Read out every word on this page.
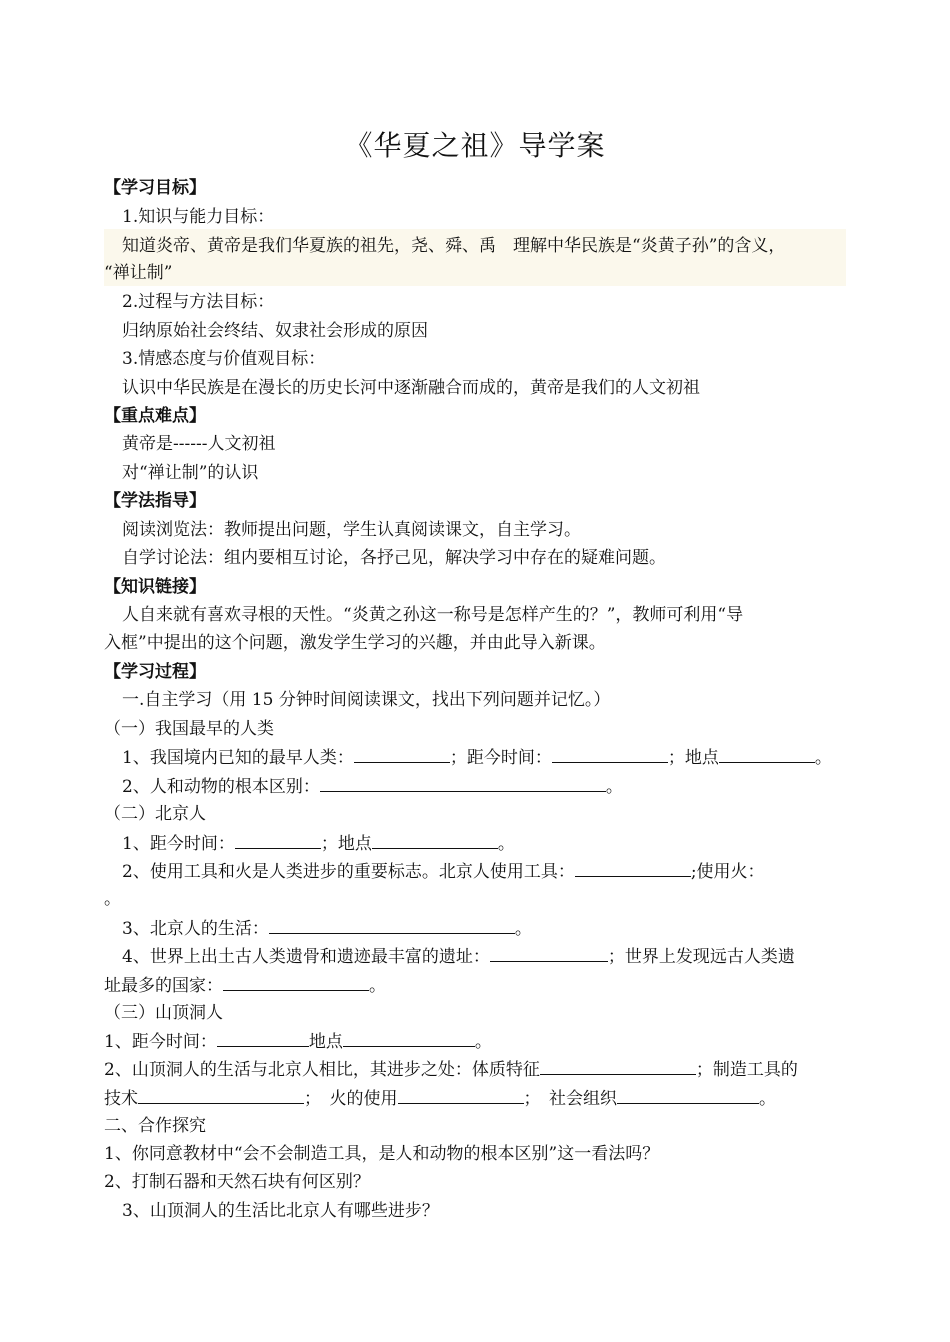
《华夏之祖》导学案
【学习目标】
1.知识与能力目标：
知道炎帝、黄帝是我们华夏族的祖先，尧、舜、禹　理解中华民族是“炎黄子孙”的含义，
“禅让制”
2.过程与方法目标：
归纳原始社会终结、奴隶社会形成的原因
3.情感态度与价值观目标：
认识中华民族是在漫长的历史长河中逐渐融合而成的，黄帝是我们的人文初祖
【重点难点】
黄帝是------人文初祖
对“禅让制”的认识
【学法指导】
阅读浏览法：教师提出问题，学生认真阅读课文，自主学习。
自学讨论法：组内要相互讨论，各抒己见，解决学习中存在的疑难问题。
【知识链接】
人自来就有喜欢寻根的天性。“炎黄之孙这一称号是怎样产生的？”，教师可利用“导
入框”中提出的这个问题，激发学生学习的兴趣，并由此导入新课。
【学习过程】
一.自主学习（用 15 分钟时间阅读课文，找出下列问题并记忆。）
（一）我国最早的人类
1、我国境内已知的最早人类：	；距今时间：	；地点	。
2、人和动物的根本区别：	。
（二）北京人
1、距今时间：	；地点	。
2、使用工具和火是人类进步的重要标志。北京人使用工具：	;使用火：
。
3、北京人的生活：	。
4、世界上出土古人类遗骨和遗迹最丰富的遗址：	；世界上发现远古人类遗
址最多的国家：	。
（三）山顶洞人
1、距今时间：	地点	。
2、山顶洞人的生活与北京人相比，其进步之处：体质特征	；制造工具的
技术	；　火的使用	；　社会组织	。
二、合作探究
1、你同意教材中“会不会制造工具，是人和动物的根本区别”这一看法吗？
2、打制石器和天然石块有何区别？
3、山顶洞人的生活比北京人有哪些进步？
